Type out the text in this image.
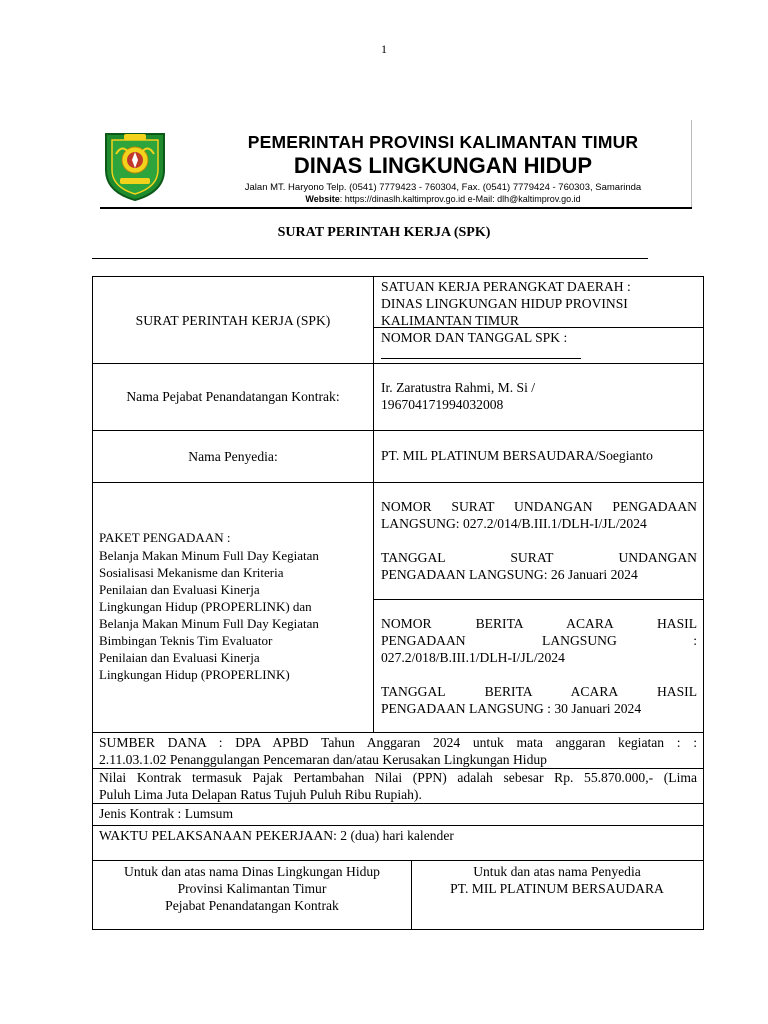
1
PEMERINTAH PROVINSI KALIMANTAN TIMUR
DINAS LINGKUNGAN HIDUP
Jalan MT. Haryono Telp. (0541) 7779423 - 760304, Fax. (0541) 7779424 - 760303, Samarinda
Website: https://dinaslh.kaltimprov.go.id e-Mail: dlh@kaltimprov.go.id
SURAT PERINTAH KERJA (SPK)
SURAT PERINTAH KERJA (SPK)
SATUAN KERJA PERANGKAT DAERAH :
DINAS LINGKUNGAN HIDUP PROVINSI
KALIMANTAN TIMUR
NOMOR DAN TANGGAL SPK :
Nama Pejabat Penandatangan Kontrak:
Ir. Zaratustra Rahmi, M. Si /
196704171994032008
Nama Penyedia:	PT. MIL PLATINUM BERSAUDARA/Soegianto
PAKET PENGADAAN :
Belanja Makan Minum Full Day Kegiatan
Sosialisasi Mekanisme dan Kriteria
Penilaian dan Evaluasi Kinerja
Lingkungan Hidup (PROPERLINK) dan
Belanja Makan Minum Full Day Kegiatan
Bimbingan Teknis Tim Evaluator
Penilaian dan Evaluasi Kinerja
Lingkungan Hidup (PROPERLINK)
NOMOR SURAT UNDANGAN PENGADAAN
LANGSUNG: 027.2/014/B.III.1/DLH-I/JL/2024
TANGGAL SURAT UNDANGAN
PENGADAAN LANGSUNG: 26 Januari 2024
NOMOR BERITA ACARA HASIL
PENGADAAN LANGSUNG :
027.2/018/B.III.1/DLH-I/JL/2024
TANGGAL BERITA ACARA HASIL
PENGADAAN LANGSUNG : 30 Januari 2024
SUMBER DANA : DPA APBD Tahun Anggaran 2024 untuk mata anggaran kegiatan : :
2.11.03.1.02 Penanggulangan Pencemaran dan/atau Kerusakan Lingkungan Hidup
Nilai Kontrak termasuk Pajak Pertambahan Nilai (PPN) adalah sebesar Rp. 55.870.000,- (Lima
Puluh Lima Juta Delapan Ratus Tujuh Puluh Ribu Rupiah).
Jenis Kontrak : Lumsum
WAKTU PELAKSANAAN PEKERJAAN: 2 (dua) hari kalender
Untuk dan atas nama Dinas Lingkungan Hidup
Provinsi Kalimantan Timur
Pejabat Penandatangan Kontrak
Untuk dan atas nama Penyedia
PT. MIL PLATINUM BERSAUDARA
